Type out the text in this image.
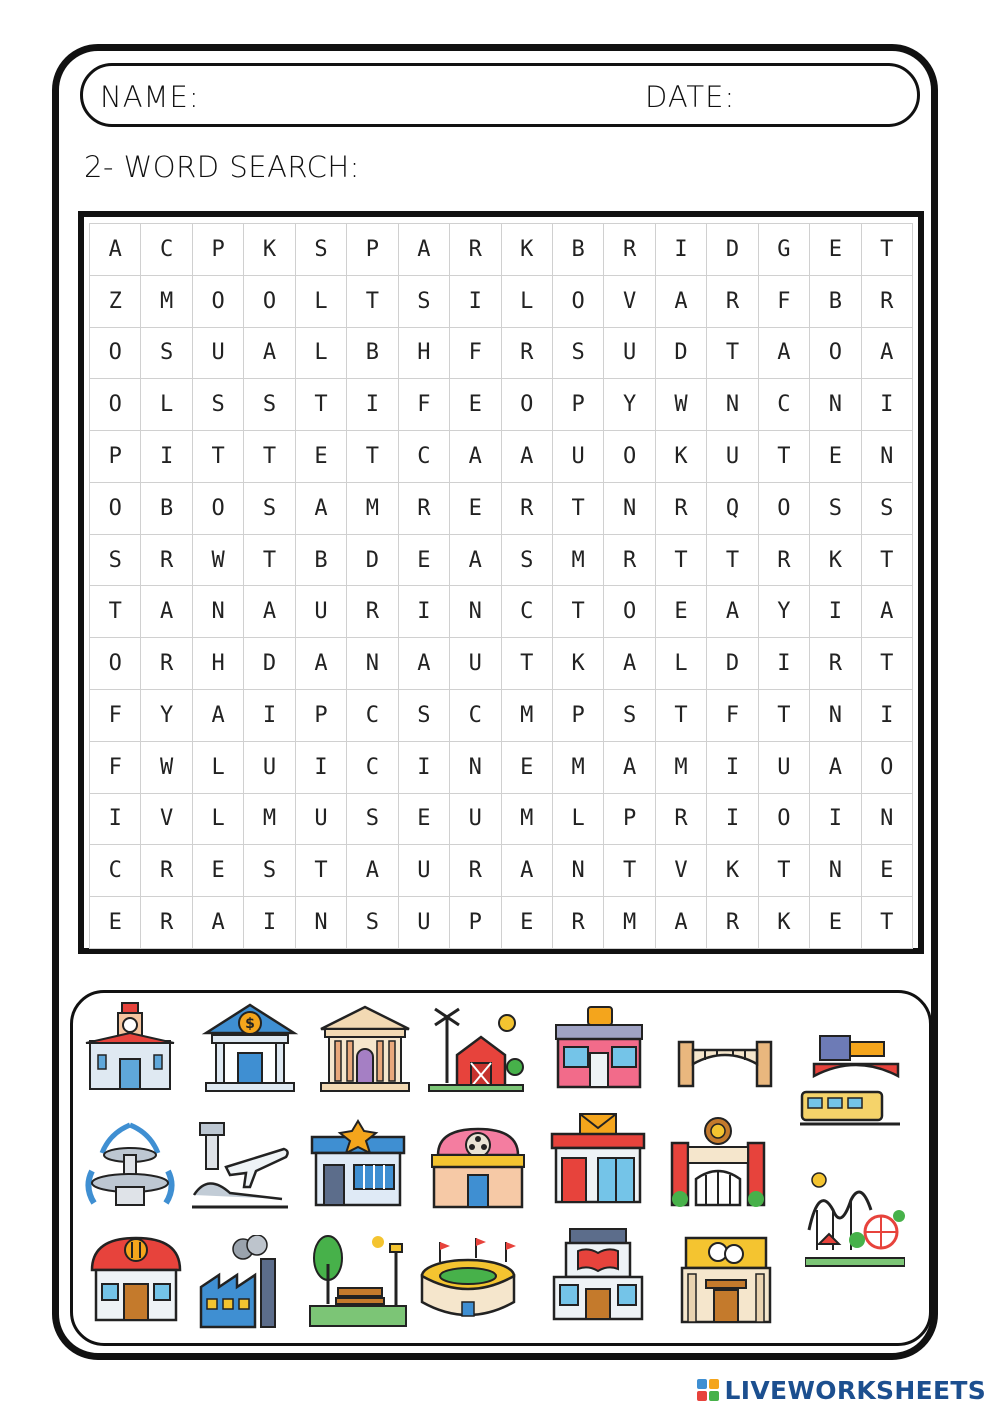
NAME:	DATE:
2- WORD SEARCH:
A	C	P	K	S	P	A	R	K	B	R	I	D	G	E	T
Z	M	O	O	L	T	S	I	L	O	V	A	R	F	B	R
O	S	U	A	L	B	H	F	R	S	U	D	T	A	O	A
O	L	S	S	T	I	F	E	O	P	Y	W	N	C	N	I
P	I	T	T	E	T	C	A	A	U	O	K	U	T	E	N
O	B	O	S	A	M	R	E	R	T	N	R	Q	O	S	S
S	R	W	T	B	D	E	A	S	M	R	T	T	R	K	T
T	A	N	A	U	R	I	N	C	T	O	E	A	Y	I	A
O	R	H	D	A	N	A	U	T	K	A	L	D	I	R	T
F	Y	A	I	P	C	S	C	M	P	S	T	F	T	N	I
F	W	L	U	I	C	I	N	E	M	A	M	I	U	A	O
I	V	L	M	U	S	E	U	M	L	P	R	I	O	I	N
C	R	E	S	T	A	U	R	A	N	T	V	K	T	N	E
E	R	A	I	N	S	U	P	E	R	M	A	R	K	E	T
$
LIVEWORKSHEETS
